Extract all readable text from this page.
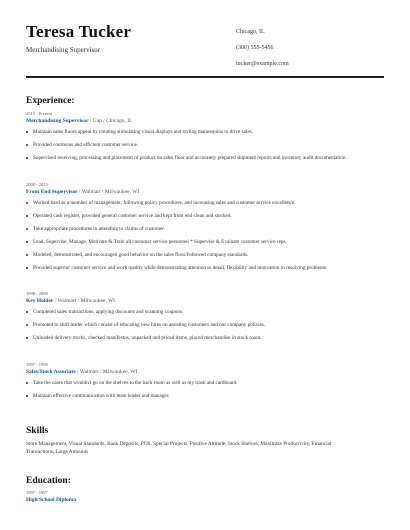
Teresa Tucker
Merchandising Supervisor
Chicago, IL
(300) 555-5456
tucker@example.com
Experience:
2015 - Present
Merchandising Supervisor / Gap / Chicago, IL
Maintain sales floors appeal by creating stimulating visual displays and styling mannequins to drive sales.
Provided courteous and efficient customer service.
Supervised receiving, processing and placement of product on sales floor and accurately prepared shipment reports and inventory audit documentation.
2008 - 2015
Front End Supervisor / Walmart / Milwaukee, WI
Worked hard as a member of management, following policy procedures, and increasing sales and customer service excellence.
Operated cash register, provided general customer service and kept front end clean and stocked.
Take appropriate procedures in attending to claims of customer.
Lead, Supervise, Manage, Motivate & Train all customer service personnel * Supervise & Evaluate customer service reps.
Modeled, demonstrated, and encouraged good behavior on the sales floor.Followed company standards.
Provided superior customer service and work quality while demonstrating attention to detail, flexibility and innovation in resolving problems.
1998 - 2008
Key Holder / Walmart / Milwaukee, WI
Completed sales transactions, applying discounts and scanning coupons.
Promoted to shift leader which consist of educating new hires on assisting customers and our company policies.
Unloaded delivery trucks, checked manifestos, unpacked and priced items, placed merchandise in stock room.
1997 - 1998
Sales/Stock Associate / Walmart / Milwaukee, WI
Take the cases that wouldn't go on the shelves to the back room as well as my trash and cardboard.
Maintain effective communication with team leader and manager.
Skills
Store Management, Visual Standards, Bank Deposits, POS, Special Projects, Positive Attitude, Stock Shelves, Maximize Productivity, Financial Transactions, Large Amounts
Education:
1997 - 1997
High School Diploma
